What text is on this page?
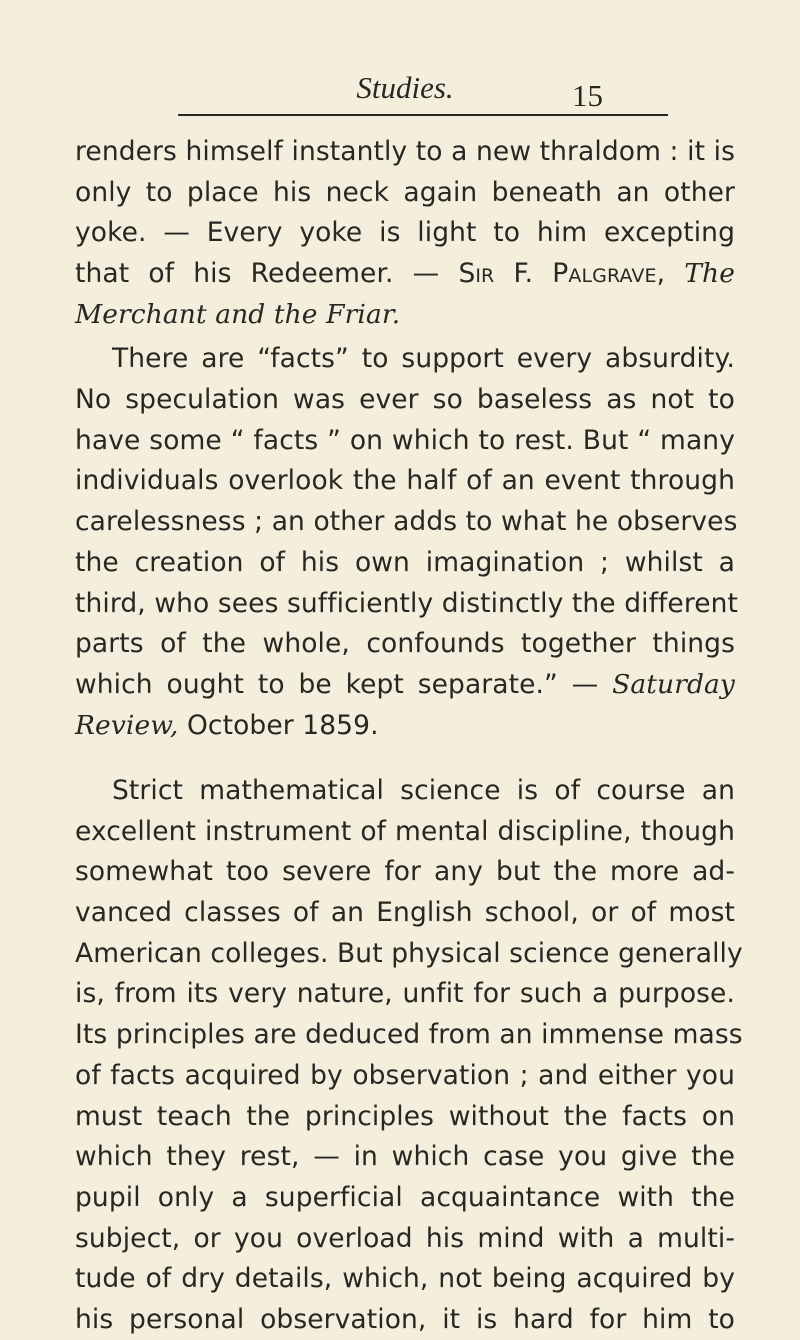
Studies.	15
renders himself instantly to a new thraldom : it is
only to place his neck again beneath an other
yoke. — Every yoke is light to him excepting
that of his Redeemer. — Sir F. Palgrave, The
Merchant and the Friar.
There are “facts” to support every absurdity.
No speculation was ever so baseless as not to
have some “ facts ” on which to rest. But “ many
individuals overlook the half of an event through
carelessness ; an other adds to what he observes
the creation of his own imagination ; whilst a
third, who sees sufficiently distinctly the different
parts of the whole, confounds together things
which ought to be kept separate.” — Saturday
Review, October 1859.
Strict mathematical science is of course an
excellent instrument of mental discipline, though
somewhat too severe for any but the more ad-
vanced classes of an English school, or of most
American colleges. But physical science generally
is, from its very nature, unfit for such a purpose.
Its principles are deduced from an immense mass
of facts acquired by observation ; and either you
must teach the principles without the facts on
which they rest, — in which case you give the
pupil only a superficial acquaintance with the
subject, or you overload his mind with a multi-
tude of dry details, which, not being acquired by
his personal observation, it is hard for him to
